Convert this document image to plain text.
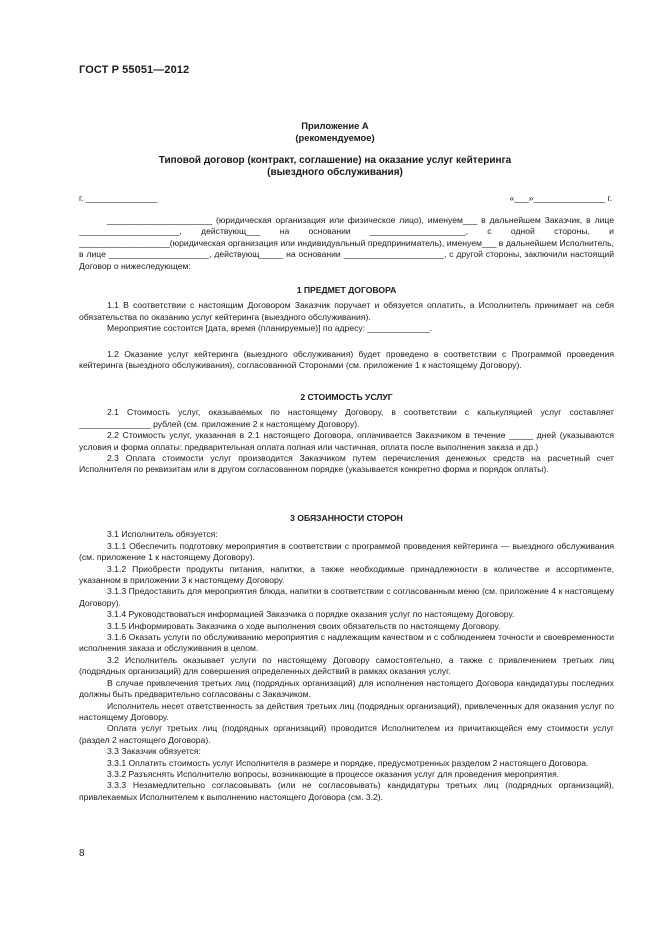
ГОСТ Р 55051—2012
Приложение А
(рекомендуемое)
Типовой договор (контракт, соглашение) на оказание услуг кейтеринга
(выездного обслуживания)
г. _______________	«___»_______________ г.

______________________ (юридическая организация или физическое лицо), именуем___ в дальнейшем Заказчик, в лице _____________________, действующ___ на основании ____________________, с одной стороны, и ___________________(юридическая организация или индивидуальный предприниматель), именуем___ в дальнейшем Исполнитель, в лице _____________________, действующ_____ на основании _____________________, с другой стороны, заключили настоящий Договор о нижеследующем:

1 ПРЕДМЕТ ДОГОВОРА

1.1 В соответствии с настоящим Договором Заказчик поручает и обязуется оплатить, а Исполнитель принимает на себя обязательства по оказанию услуг кейтеринга (выездного обслуживания).

Мероприятие состоится [дата, время (планируемые)] по адресу: _____________.

1.2 Оказание услуг кейтеринга (выездного обслуживания) будет проведено в соответствии с Программой проведения кейтеринга (выездного обслуживания), согласованной Сторонами (см. приложение 1 к настоящему Договору).

2 СТОИМОСТЬ УСЛУГ

2.1 Стоимость услуг, оказываемых по настоящему Договору, в соответствии с калькуляцией услуг составляет _______________ рублей (см. приложение 2 к настоящему Договору).

2.2 Стоимость услуг, указанная в 2.1 настоящего Договора, оплачивается Заказчиком в течение _____ дней (указываются условия и форма оплаты: предварительная оплата полная или частичная, оплата после выполнения заказа и др.)

2.3 Оплата стоимости услуг производится Заказчиком путем перечисления денежных средств на расчетный счет Исполнителя по реквизитам или в другом согласованном порядке (указывается конкретно форма и порядок оплаты).

3 ОБЯЗАННОСТИ СТОРОН

3.1 Исполнитель обязуется:

3.1.1 Обеспечить подготовку мероприятия в соответствии с программой проведения кейтеринга — выездного обслуживания (см. приложение 1 к настоящему Договору).

3.1.2 Приобрести продукты питания, напитки, а также необходимые принадлежности в количестве и ассортименте, указанном в приложении 3 к настоящему Договору.

3.1.3 Предоставить для мероприятия блюда, напитки в соответствии с согласованным меню (см. приложение 4 к настоящему Договору).

3.1.4 Руководствоваться информацией Заказчика о порядке оказания услуг по настоящему Договору.

3.1.5 Информировать Заказчика о ходе выполнения своих обязательств по настоящему Договору.

3.1.6 Оказать услуги по обслуживанию мероприятия с надлежащим качеством и с соблюдением точности и своевременности исполнения заказа и обслуживания в целом.

3.2 Исполнитель оказывает услуги по настоящему Договору самостоятельно, а также с привлечением третьих лиц (подрядных организаций) для совершения определенных действий в рамках оказания услуг.

В случае привлечения третьих лиц (подрядных организаций) для исполнения настоящего Договора кандидатуры последних должны быть предварительно согласованы с Заказчиком.

Исполнитель несет ответственность за действия третьих лиц (подрядных организаций), привлеченных для оказания услуг по настоящему Договору.

Оплата услуг третьих лиц (подрядных организаций) проводится Исполнителем из причитающейся ему стоимости услуг (раздел 2 настоящего Договора).

3.3 Заказчик обязуется:

3.3.1 Оплатить стоимость услуг Исполнителя в размере и порядке, предусмотренных разделом 2 настоящего Договора.

3.3.2 Разъяснять Исполнителю вопросы, возникающие в процессе оказания услуг для проведения мероприятия.

3.3.3 Незамедлительно согласовывать (или не согласовывать) кандидатуры третьих лиц (подрядных организаций), привлекаемых Исполнителем к выполнению настоящего Договора (см. 3.2).

8
